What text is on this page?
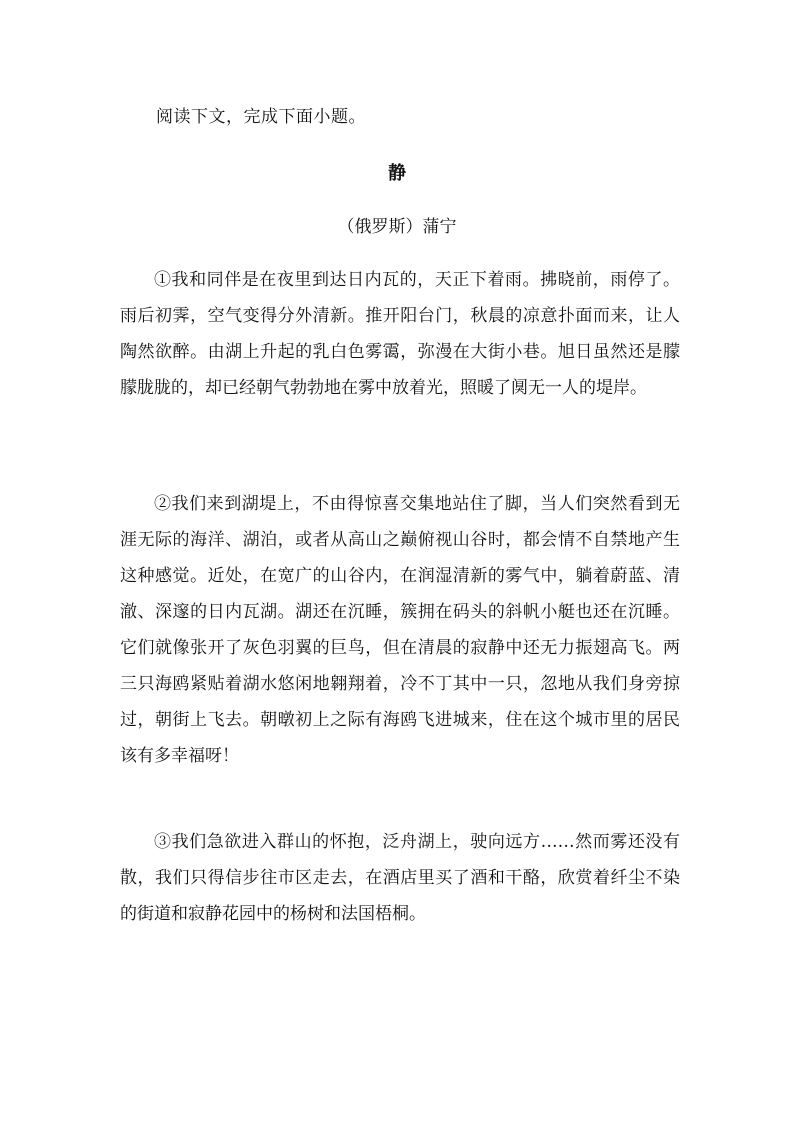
阅读下文，完成下面小题。
静
（俄罗斯）蒲宁

①我和同伴是在夜里到达日内瓦的，天正下着雨。拂晓前，雨停了。雨后初霁，空气变得分外清新。推开阳台门，秋晨的凉意扑面而来，让人陶然欲醉。由湖上升起的乳白色雾霭，弥漫在大街小巷。旭日虽然还是朦朦胧胧的，却已经朝气勃勃地在雾中放着光，照暖了阒无一人的堤岸。

②我们来到湖堤上，不由得惊喜交集地站住了脚，当人们突然看到无涯无际的海洋、湖泊，或者从高山之巅俯视山谷时，都会情不自禁地产生这种感觉。近处，在宽广的山谷内，在润湿清新的雾气中，躺着蔚蓝、清澈、深邃的日内瓦湖。湖还在沉睡，簇拥在码头的斜帆小艇也还在沉睡。它们就像张开了灰色羽翼的巨鸟，但在清晨的寂静中还无力振翅高飞。两三只海鸥紧贴着湖水悠闲地翱翔着，冷不丁其中一只，忽地从我们身旁掠过，朝街上飞去。朝暾初上之际有海鸥飞进城来，住在这个城市里的居民该有多幸福呀！

③我们急欲进入群山的怀抱，泛舟湖上，驶向远方……然而雾还没有散，我们只得信步往市区走去，在酒店里买了酒和干酪，欣赏着纤尘不染的街道和寂静花园中的杨树和法国梧桐。
